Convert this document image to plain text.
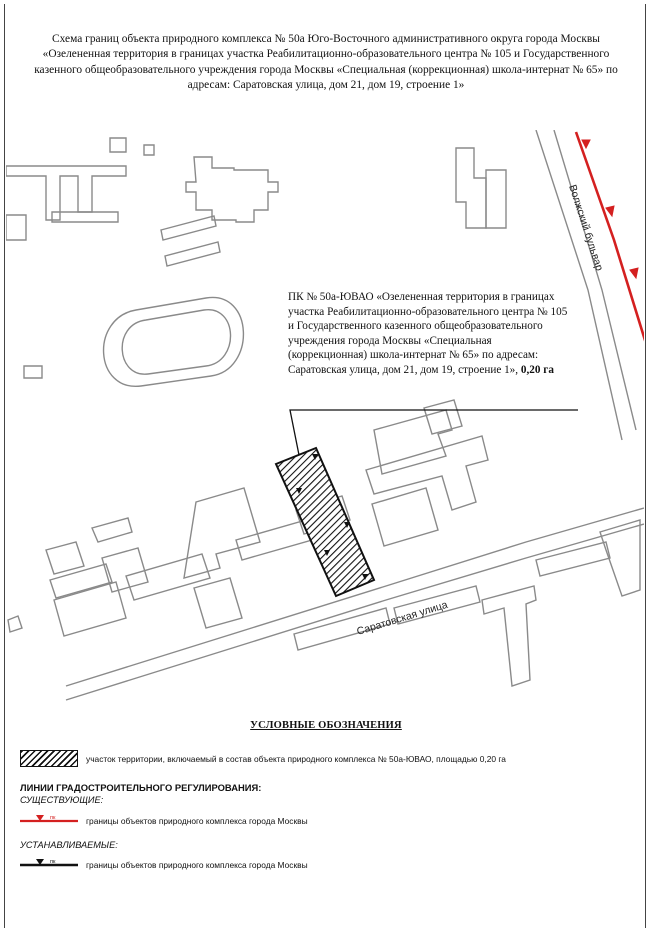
Схема границ объекта природного комплекса № 50а Юго-Восточного административного округа города Москвы «Озелененная территория в границах участка Реабилитационно-образовательного центра № 105 и Государственного казенного общеобразовательного учреждения города Москвы «Специальная (коррекционная) школа-интернат № 65» по адресам: Саратовская улица, дом 21, дом 19, строение 1»
Волжский бульвар
Саратовская улица
ПК № 50а-ЮВАО «Озелененная территория в границах участка Реабилитационно-образовательного центра № 105 и Государственного казенного общеобразовательного учреждения города Москвы «Специальная (коррекционная) школа-интернат № 65» по адресам: Саратовская улица, дом 21, дом 19, строение 1», 0,20 га
УСЛОВНЫЕ ОБОЗНАЧЕНИЯ
участок территории, включаемый в состав объекта природного комплекса № 50а-ЮВАО, площадью 0,20 га
ЛИНИИ ГРАДОСТРОИТЕЛЬНОГО РЕГУЛИРОВАНИЯ:
СУЩЕСТВУЮЩИЕ:
пк	границы объектов природного комплекса города Москвы
УСТАНАВЛИВАЕМЫЕ:
пк	границы объектов природного комплекса города Москвы
